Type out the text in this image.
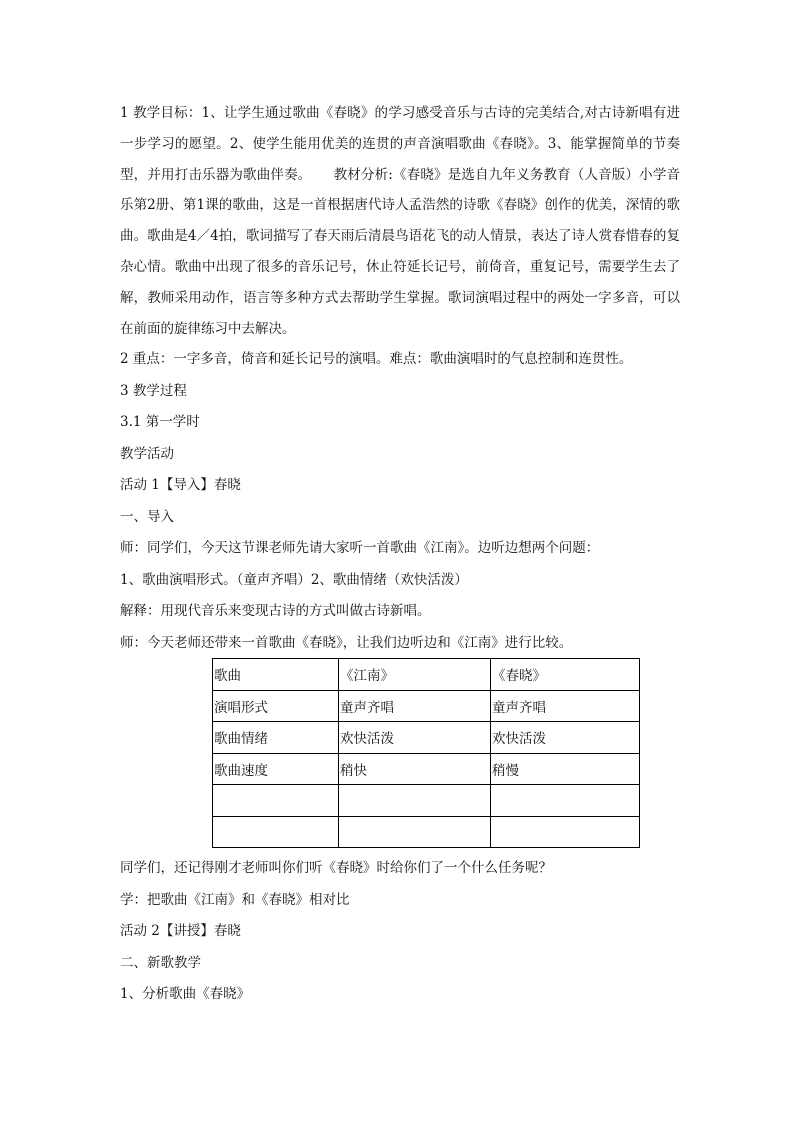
1 教学目标：1、让学生通过歌曲《春晓》的学习感受音乐与古诗的完美结合,对古诗新唱有进一步学习的愿望。2、使学生能用优美的连贯的声音演唱歌曲《春晓》。3、能掌握简单的节奏型，并用打击乐器为歌曲伴奏。 教材分析:《春晓》是选自九年义务教育（人音版）小学音乐第2册、第1课的歌曲，这是一首根据唐代诗人孟浩然的诗歌《春晓》创作的优美，深情的歌曲。歌曲是4／4拍，歌词描写了春天雨后清晨鸟语花飞的动人情景，表达了诗人赏春惜春的复杂心情。歌曲中出现了很多的音乐记号，休止符延长记号，前倚音，重复记号，需要学生去了解，教师采用动作，语言等多种方式去帮助学生掌握。歌词演唱过程中的两处一字多音，可以在前面的旋律练习中去解决。

2 重点：一字多音，倚音和延长记号的演唱。难点：歌曲演唱时的气息控制和连贯性。

3 教学过程

3.1 第一学时

教学活动

活动 1【导入】春晓

一、导入

师：同学们，今天这节课老师先请大家听一首歌曲《江南》。边听边想两个问题：

1、歌曲演唱形式。（童声齐唱）2、歌曲情绪（欢快活泼）

解释：用现代音乐来变现古诗的方式叫做古诗新唱。

师：今天老师还带来一首歌曲《春晓》，让我们边听边和《江南》进行比较。

歌曲	《江南》	《春晓》
演唱形式	童声齐唱	童声齐唱
歌曲情绪	欢快活泼	欢快活泼
歌曲速度	稍快	稍慢

同学们，还记得刚才老师叫你们听《春晓》时给你们了一个什么任务呢？

学：把歌曲《江南》和《春晓》相对比

活动 2【讲授】春晓

二、新歌教学

1、分析歌曲《春晓》
